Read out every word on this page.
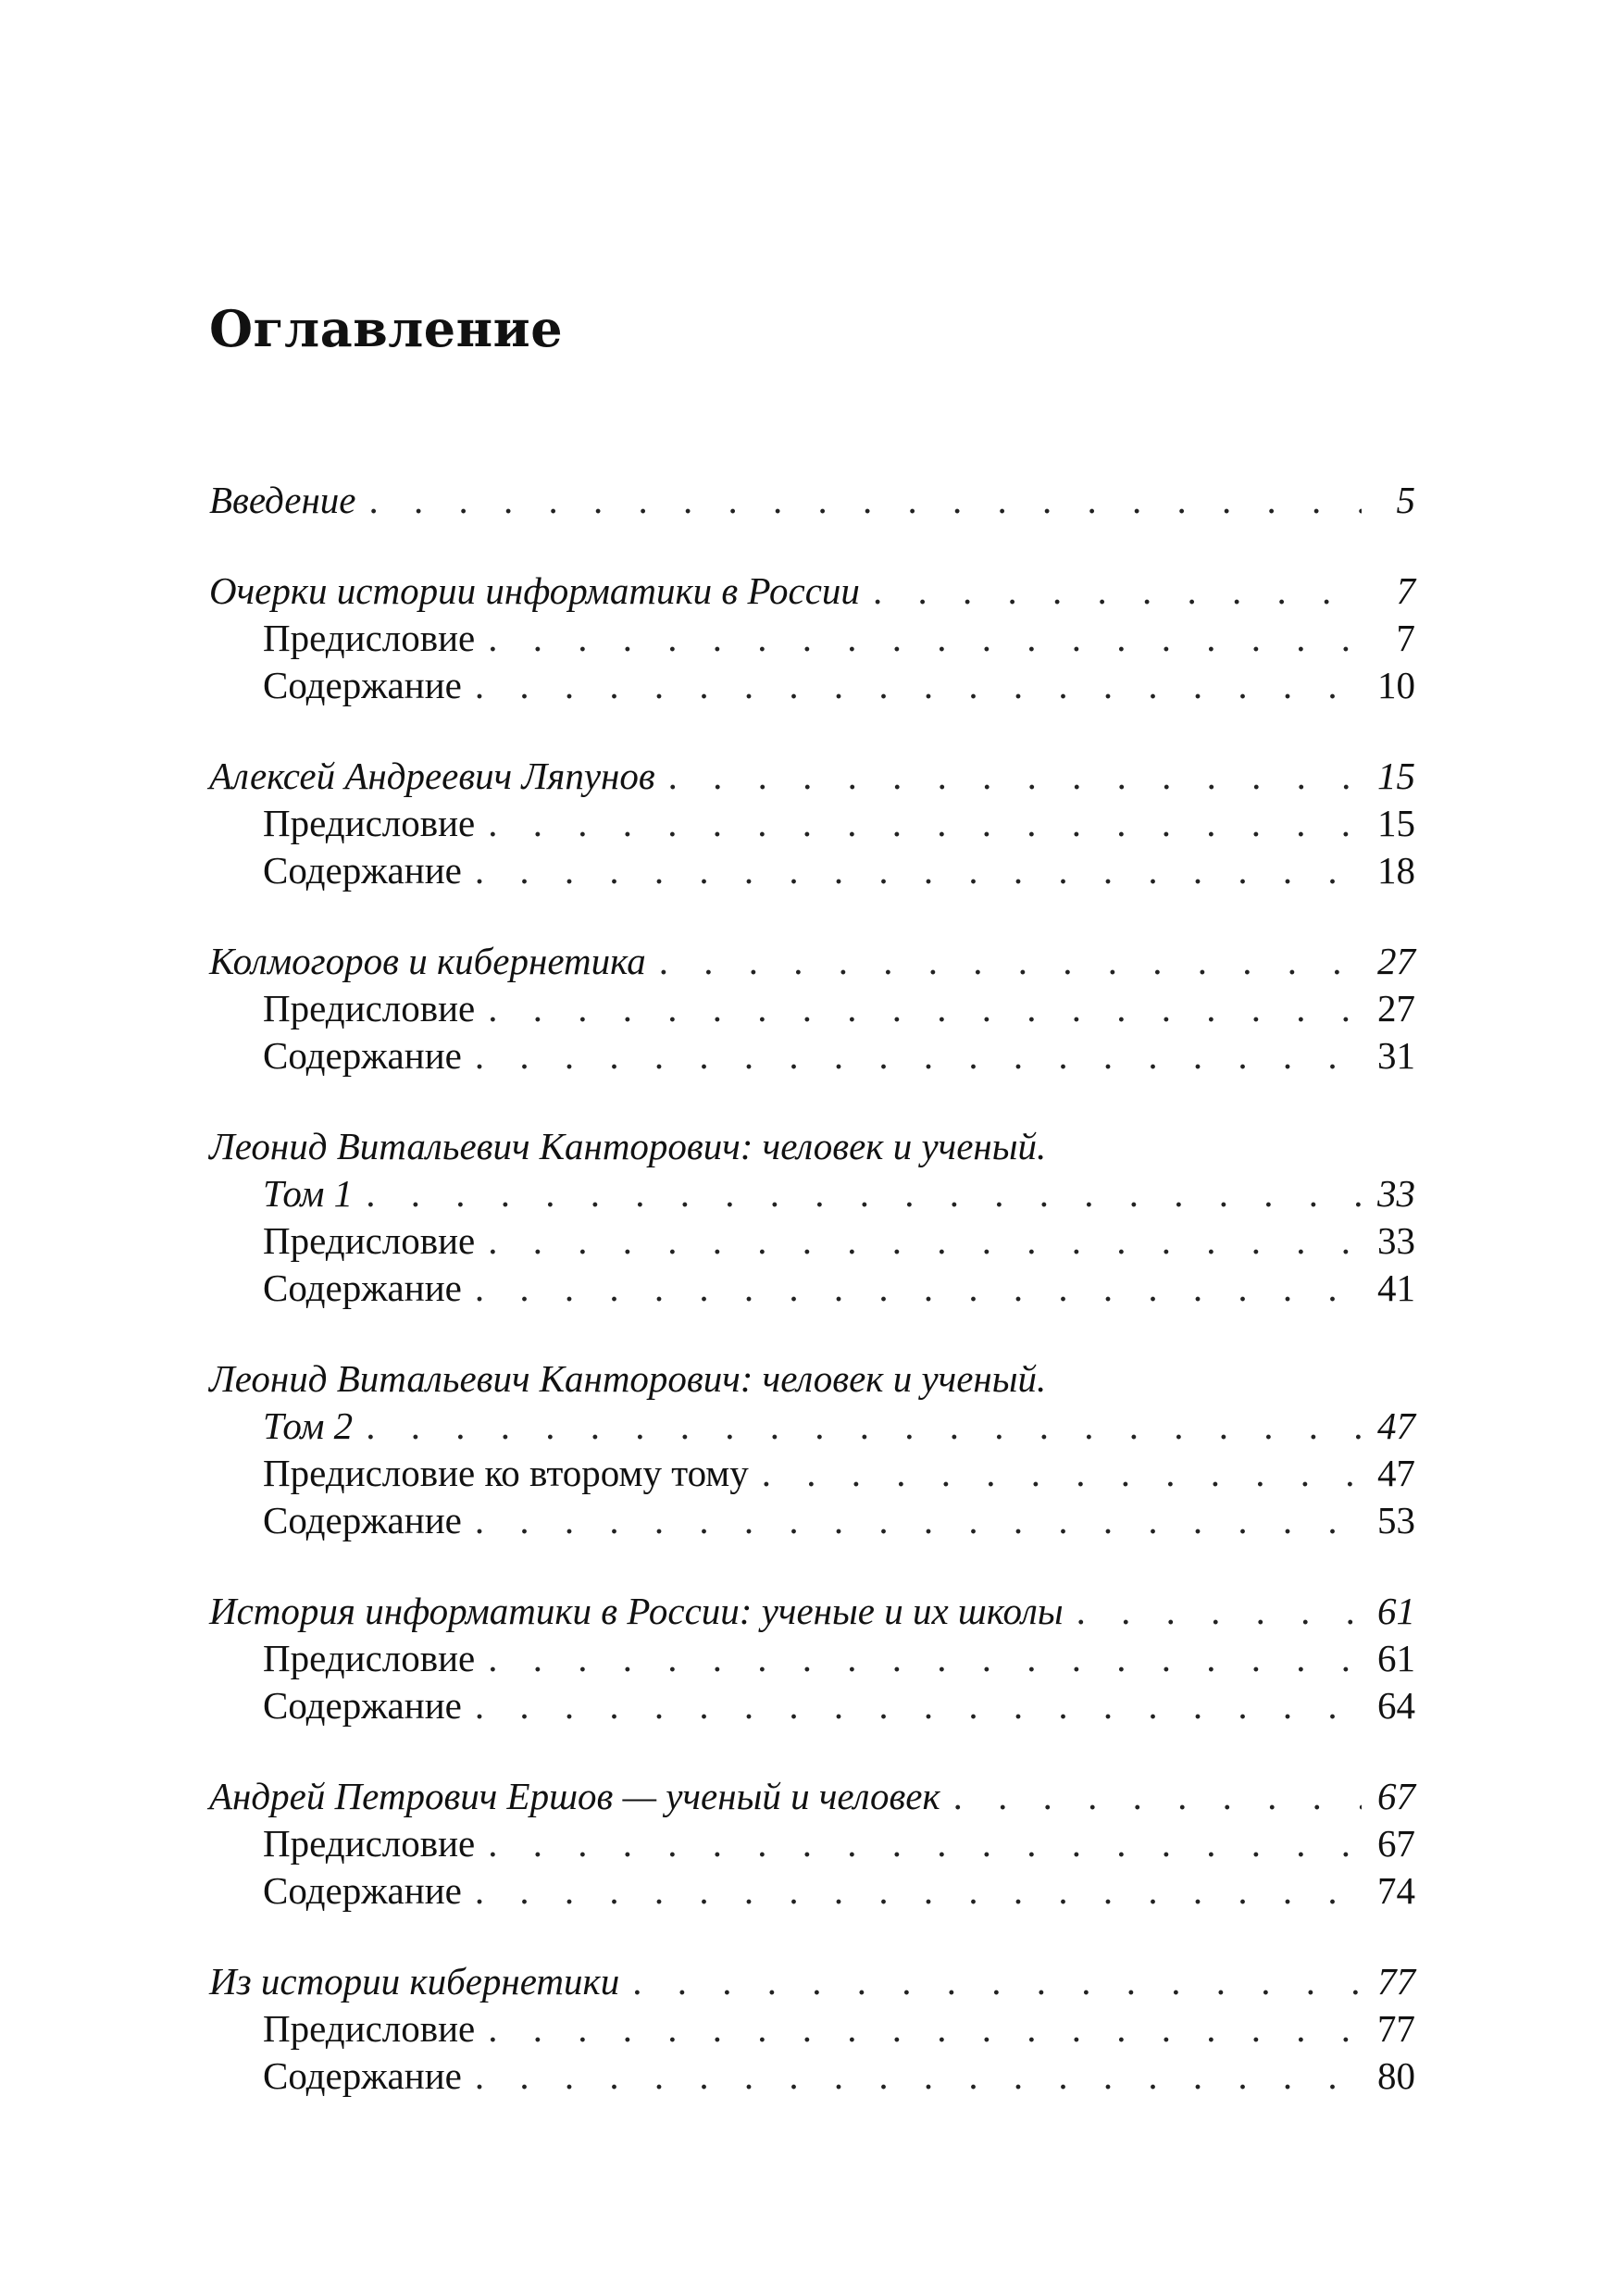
Оглавление
Введение . . .	5
Очерки истории информатики в России . . .	7
Предисловие . . .	7
Содержание . . .	10
Алексей Андреевич Ляпунов . . .	15
Предисловие . . .	15
Содержание . . .	18
Колмогоров и кибернетика . . .	27
Предисловие . . .	27
Содержание . . .	31
Леонид Витальевич Канторович: человек и ученый.
Том 1 . . .	33
Предисловие . . .	33
Содержание . . .	41
Леонид Витальевич Канторович: человек и ученый.
Том 2 . . .	47
Предисловие ко второму тому . . .	47
Содержание . . .	53
История информатики в России: ученые и их школы . . .	61
Предисловие . . .	61
Содержание . . .	64
Андрей Петрович Ершов — ученый и человек . . .	67
Предисловие . . .	67
Содержание . . .	74
Из истории кибернетики . . .	77
Предисловие . . .	77
Содержание . . .	80
